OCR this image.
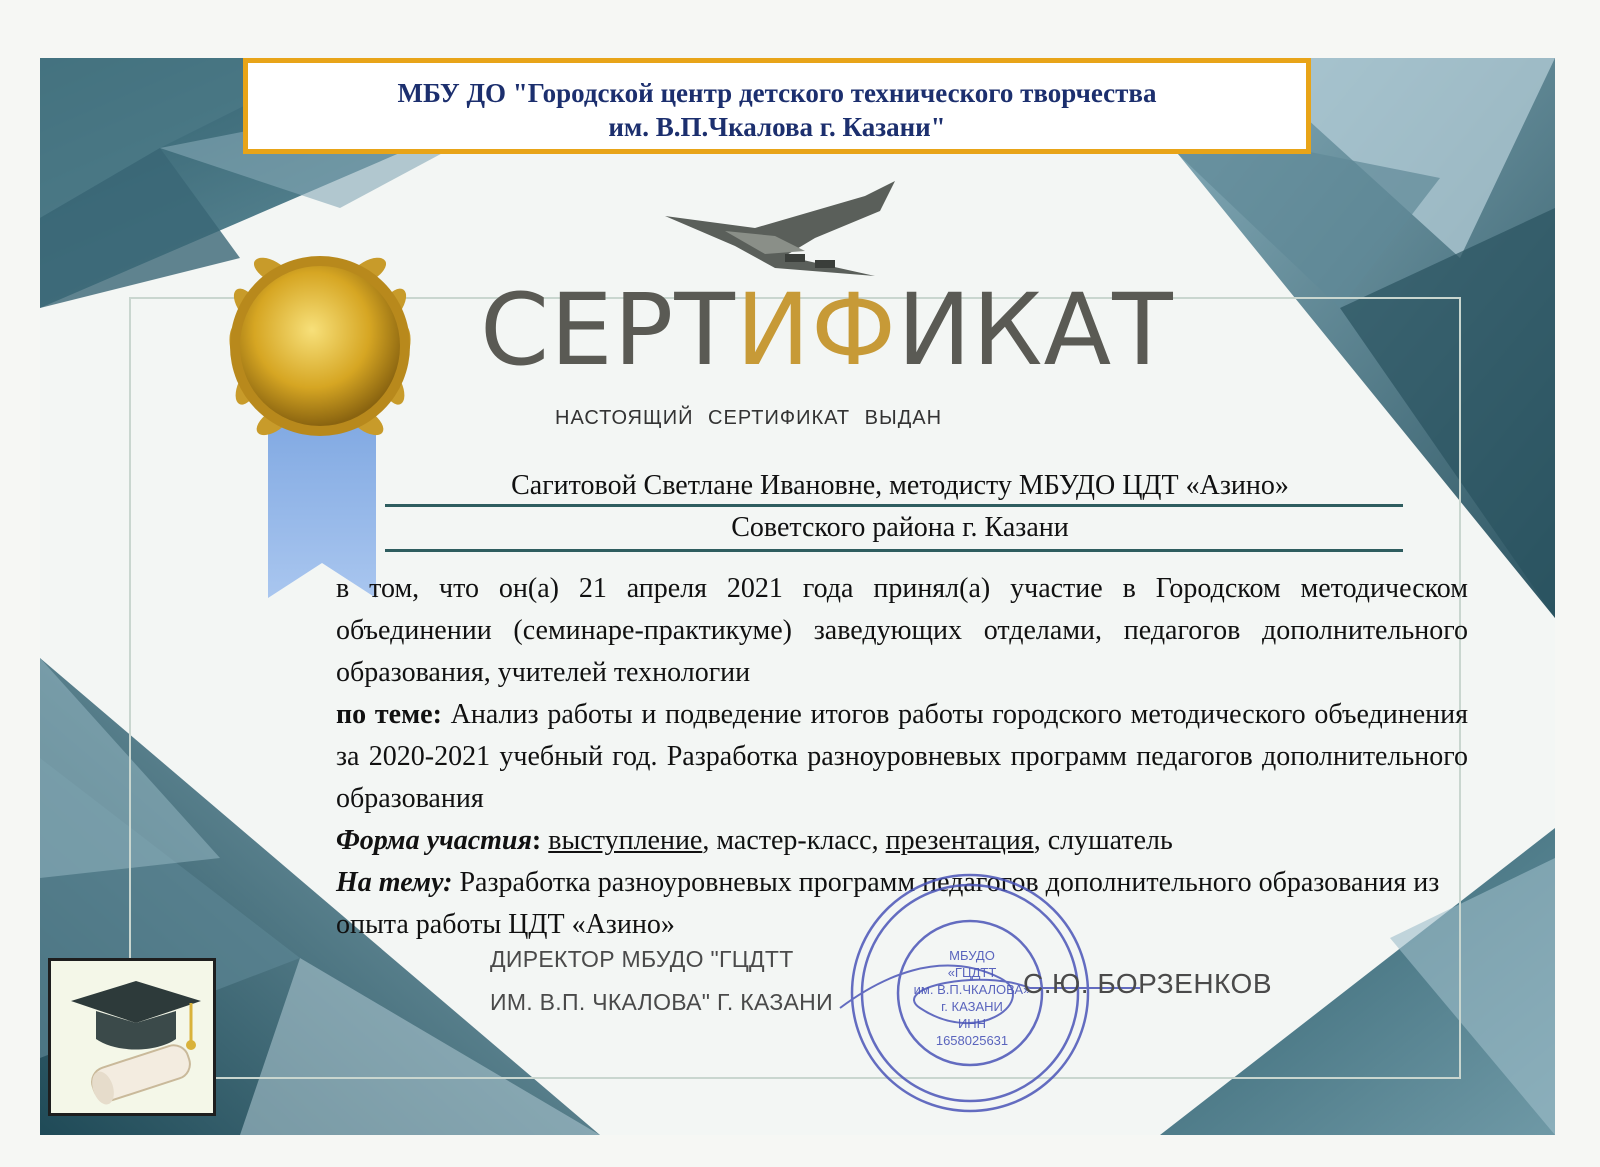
МБУ ДО "Городской центр детского технического творчества
им. В.П.Чкалова г. Казани"
СЕРТИФИКАТ
НАСТОЯЩИЙ СЕРТИФИКАТ ВЫДАН
Сагитовой Светлане Ивановне, методисту МБУДО ЦДТ «Азино»
Советского района г. Казани

в том, что он(а) 21 апреля 2021 года принял(а) участие в Городском методическом объединении (семинаре-практикуме) заведующих отделами, педагогов дополнительного образования, учителей технологии

по теме: Анализ работы и подведение итогов работы городского методического объединения за 2020-2021 учебный год. Разработка разноуровневых программ педагогов дополнительного образования

Форма участия: выступление, мастер-класс, презентация, слушатель

На тему: Разработка разноуровневых программ педагогов дополнительного образования из опыта работы ЦДТ «Азино»

ДИРЕКТОР МБУДО "ГЦДТТ
ИМ. В.П. ЧКАЛОВА" Г. КАЗАНИ
МБУДО
«ГЦДТТ
им. В.П.ЧКАЛОВА»
г. КАЗАНИ
ИНН
1658025631
С.Ю. БОРЗЕНКОВ
